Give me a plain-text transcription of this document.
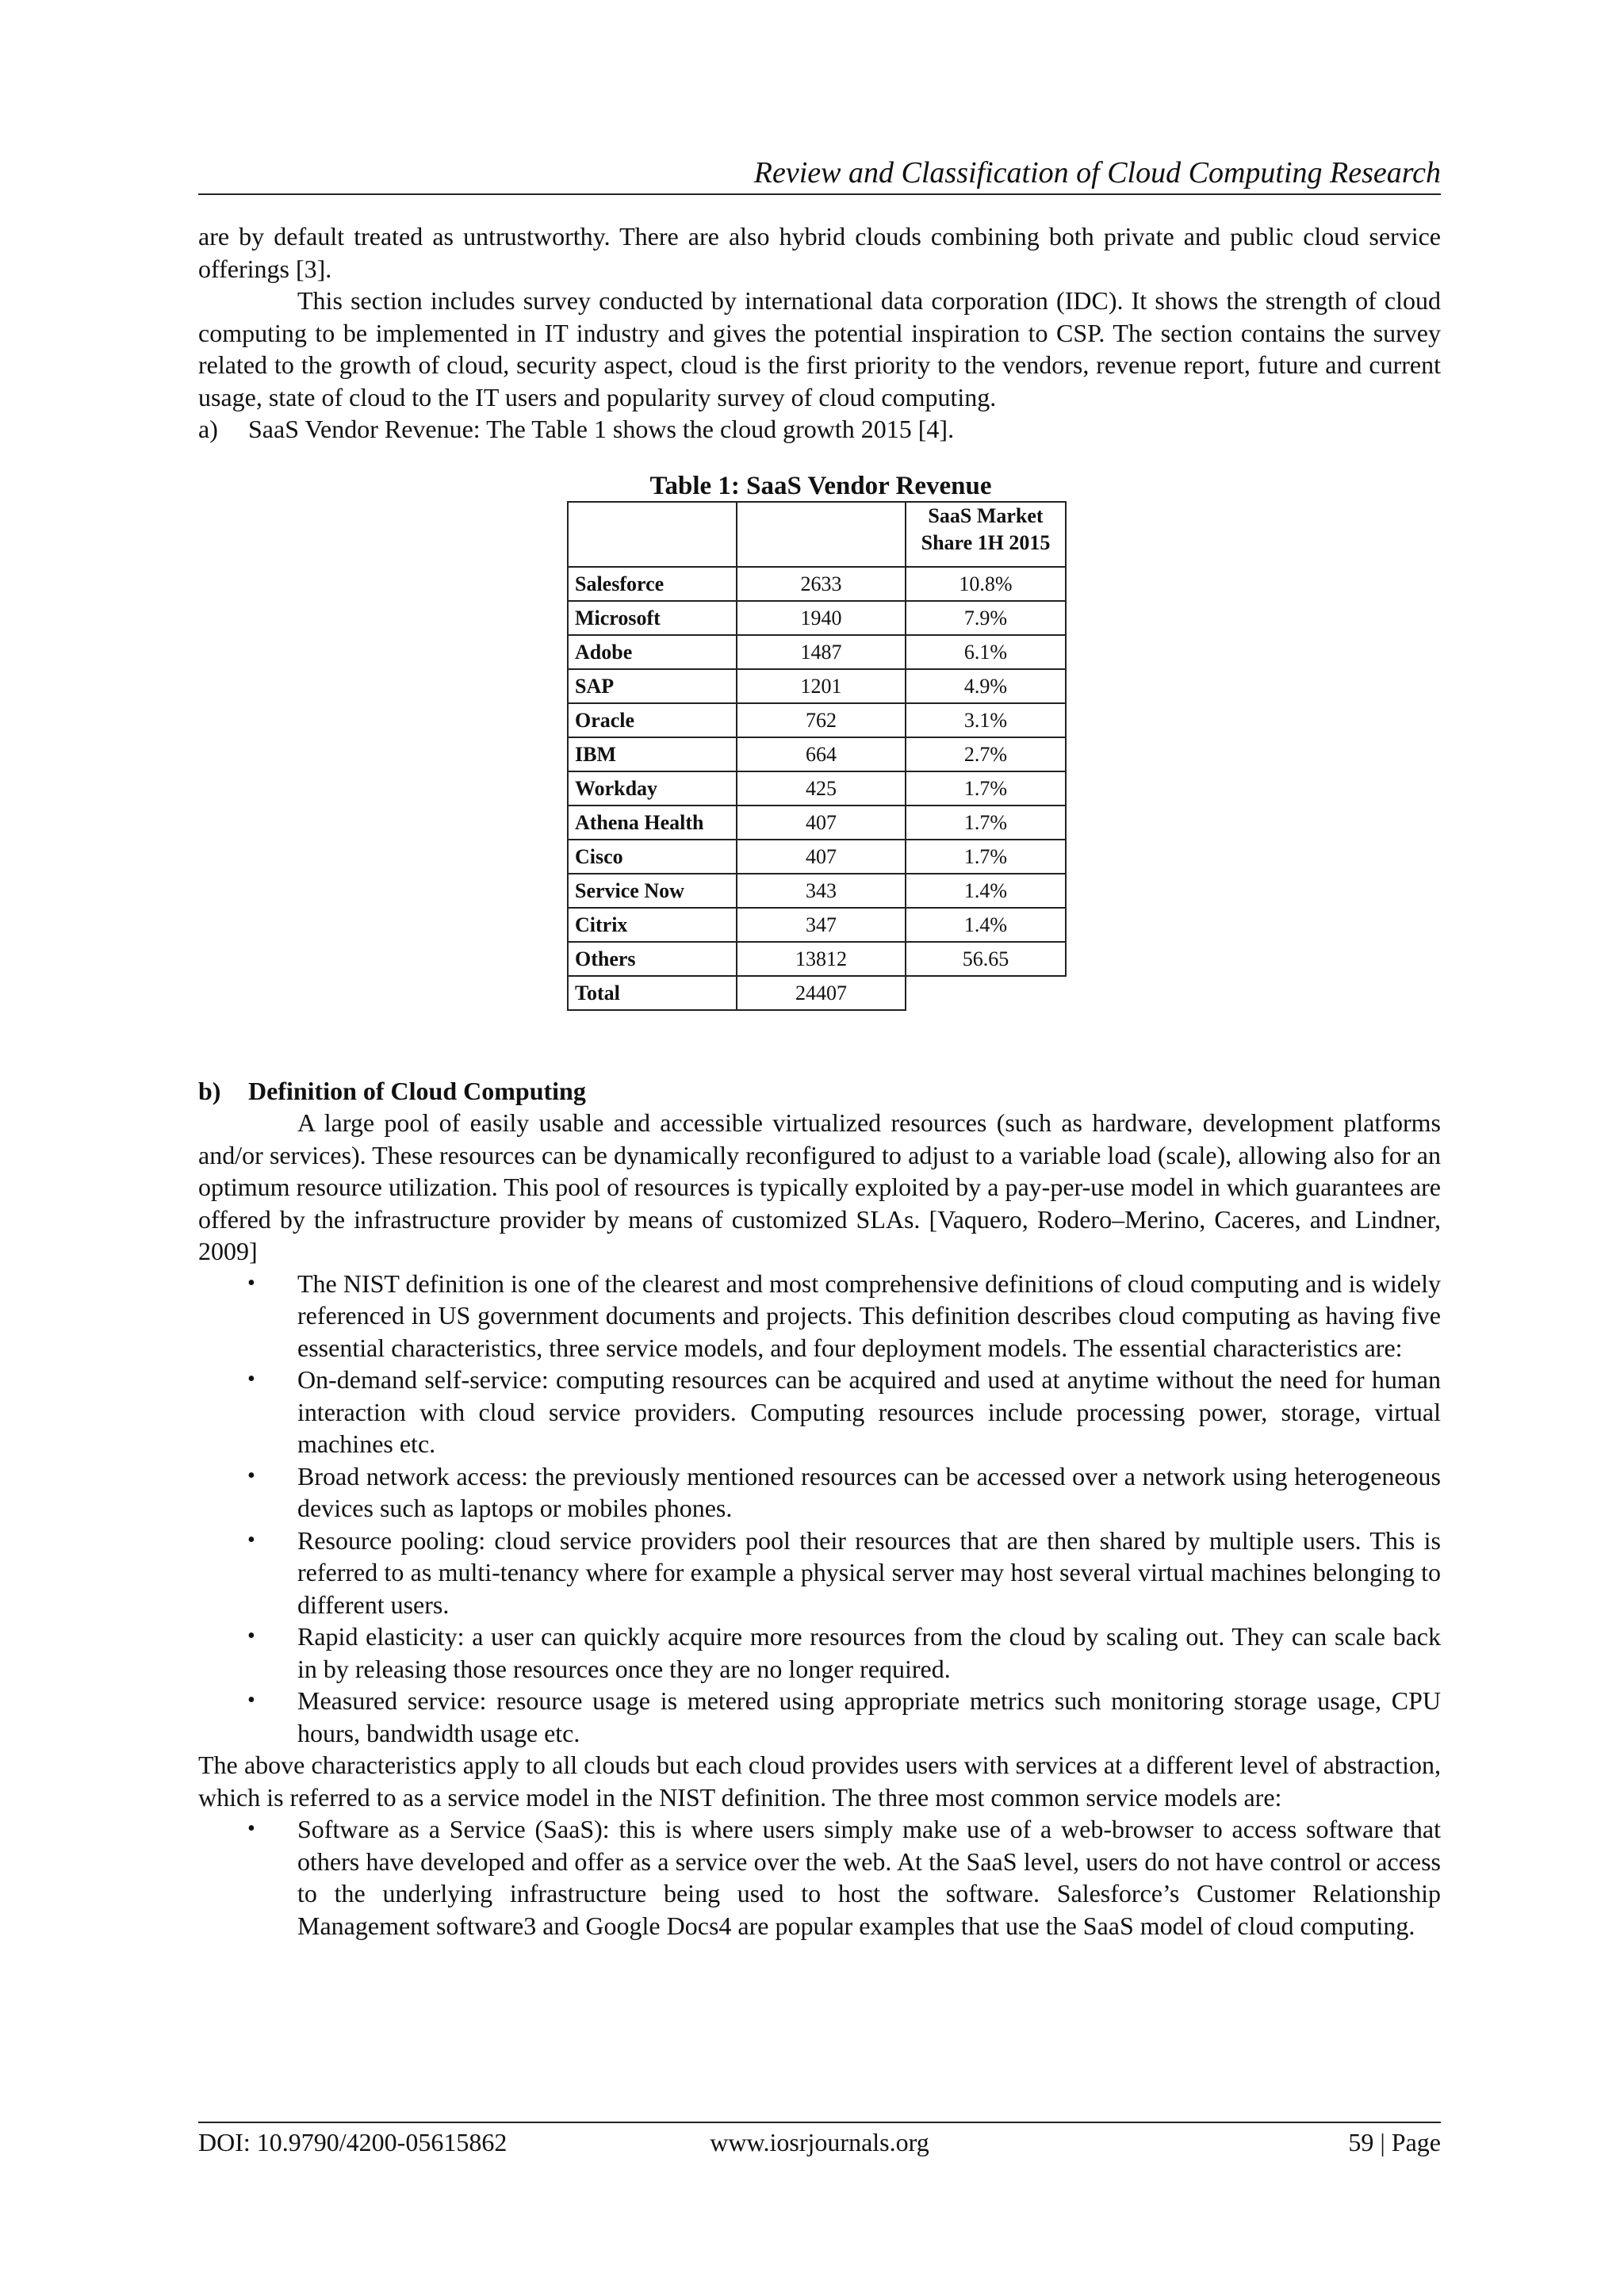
Review and Classification of Cloud Computing Research

are by default treated as untrustworthy. There are also hybrid clouds combining both private and public cloud service offerings [3].

This section includes survey conducted by international data corporation (IDC). It shows the strength of cloud computing to be implemented in IT industry and gives the potential inspiration to CSP. The section contains the survey related to the growth of cloud, security aspect, cloud is the first priority to the vendors, revenue report, future and current usage, state of cloud to the IT users and popularity survey of cloud computing.

a) SaaS Vendor Revenue: The Table 1 shows the cloud growth 2015 [4].

Table 1: SaaS Vendor Revenue
		SaaS Market Share 1H 2015
Salesforce	2633	10.8%
Microsoft	1940	7.9%
Adobe	1487	6.1%
SAP	1201	4.9%
Oracle	762	3.1%
IBM	664	2.7%
Workday	425	1.7%
Athena Health	407	1.7%
Cisco	407	1.7%
Service Now	343	1.4%
Citrix	347	1.4%
Others	13812	56.65
Total	24407	

b) Definition of Cloud Computing

A large pool of easily usable and accessible virtualized resources (such as hardware, development platforms and/or services). These resources can be dynamically reconfigured to adjust to a variable load (scale), allowing also for an optimum resource utilization. This pool of resources is typically exploited by a pay-per-use model in which guarantees are offered by the infrastructure provider by means of customized SLAs. [Vaquero, Rodero–Merino, Caceres, and Lindner, 2009]

• The NIST definition is one of the clearest and most comprehensive definitions of cloud computing and is widely referenced in US government documents and projects. This definition describes cloud computing as having five essential characteristics, three service models, and four deployment models. The essential characteristics are:
• On-demand self-service: computing resources can be acquired and used at anytime without the need for human interaction with cloud service providers. Computing resources include processing power, storage, virtual machines etc.
• Broad network access: the previously mentioned resources can be accessed over a network using heterogeneous devices such as laptops or mobiles phones.
• Resource pooling: cloud service providers pool their resources that are then shared by multiple users. This is referred to as multi-tenancy where for example a physical server may host several virtual machines belonging to different users.
• Rapid elasticity: a user can quickly acquire more resources from the cloud by scaling out. They can scale back in by releasing those resources once they are no longer required.
• Measured service: resource usage is metered using appropriate metrics such monitoring storage usage, CPU hours, bandwidth usage etc.

The above characteristics apply to all clouds but each cloud provides users with services at a different level of abstraction, which is referred to as a service model in the NIST definition. The three most common service models are:

• Software as a Service (SaaS): this is where users simply make use of a web-browser to access software that others have developed and offer as a service over the web. At the SaaS level, users do not have control or access to the underlying infrastructure being used to host the software. Salesforce’s Customer Relationship Management software3 and Google Docs4 are popular examples that use the SaaS model of cloud computing.
DOI: 10.9790/4200-05615862	www.iosrjournals.org	59 | Page
